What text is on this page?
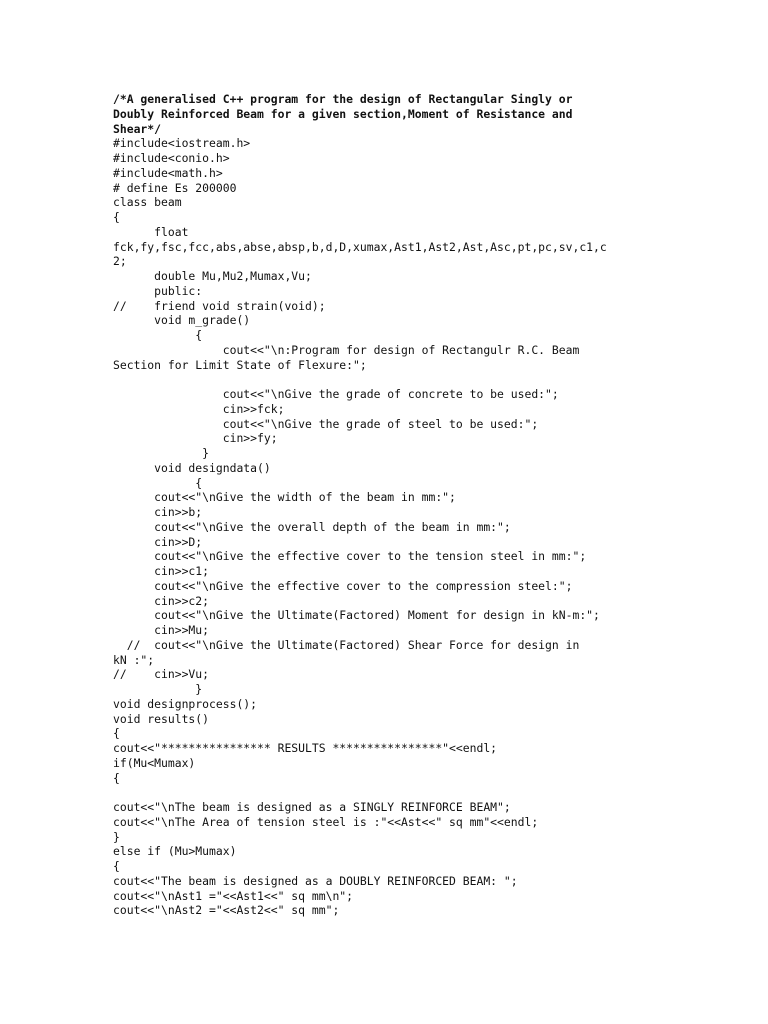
/*A generalised C++ program for the design of Rectangular Singly or
Doubly Reinforced Beam for a given section,Moment of Resistance and
Shear*/
#include<iostream.h>
#include<conio.h>
#include<math.h>
# define Es 200000
class beam
{
float
fck,fy,fsc,fcc,abs,abse,absp,b,d,D,xumax,Ast1,Ast2,Ast,Asc,pt,pc,sv,c1,c
2;
double Mu,Mu2,Mumax,Vu;
public:
//    friend void strain(void);
void m_grade()
{
cout<<"\n:Program for design of Rectangulr R.C. Beam
Section for Limit State of Flexure:";
cout<<"\nGive the grade of concrete to be used:";
cin>>fck;
cout<<"\nGive the grade of steel to be used:";
cin>>fy;
}
void designdata()
{
cout<<"\nGive the width of the beam in mm:";
cin>>b;
cout<<"\nGive the overall depth of the beam in mm:";
cin>>D;
cout<<"\nGive the effective cover to the tension steel in mm:";
cin>>c1;
cout<<"\nGive the effective cover to the compression steel:";
cin>>c2;
cout<<"\nGive the Ultimate(Factored) Moment for design in kN-m:";
cin>>Mu;
//  cout<<"\nGive the Ultimate(Factored) Shear Force for design in
kN :";
//    cin>>Vu;
}
void designprocess();
void results()
{
cout<<"**************** RESULTS ****************"<<endl;
if(Mu<Mumax)
{
cout<<"\nThe beam is designed as a SINGLY REINFORCE BEAM";
cout<<"\nThe Area of tension steel is :"<<Ast<<" sq mm"<<endl;
}
else if (Mu>Mumax)
{
cout<<"The beam is designed as a DOUBLY REINFORCED BEAM: ";
cout<<"\nAst1 ="<<Ast1<<" sq mm\n";
cout<<"\nAst2 ="<<Ast2<<" sq mm";
